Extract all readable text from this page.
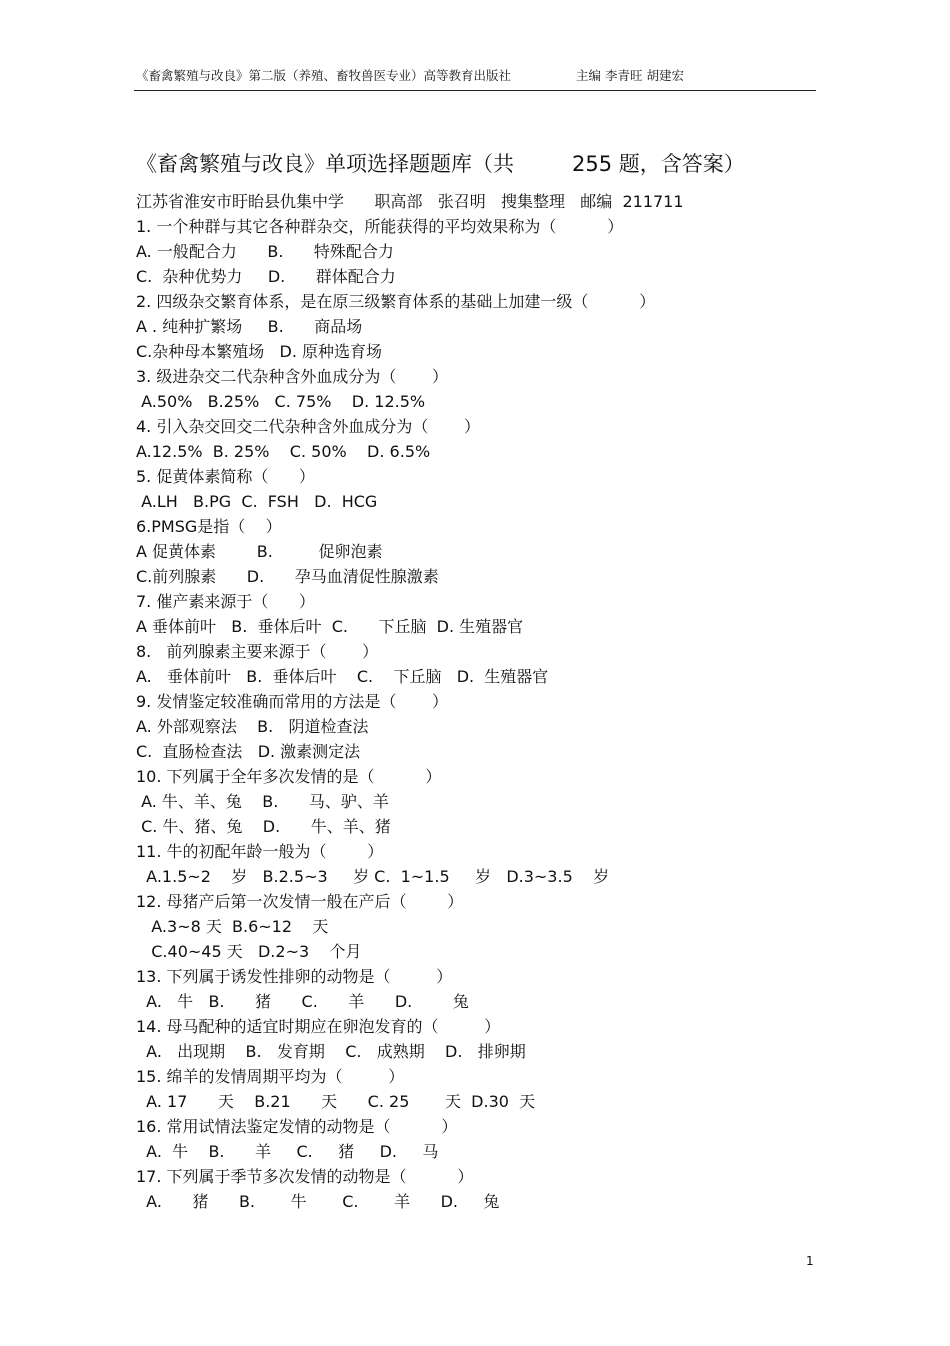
《畜禽繁殖与改良》第二版（养殖、畜牧兽医专业）高等教育出版社	主编 李青旺 胡建宏
《畜禽繁殖与改良》单项选择题题库（共	255 题，含答案）
江苏省淮安市盱眙县仇集中学      职高部   张召明   搜集整理   邮编  211711
1. 一个种群与其它各种群杂交，所能获得的平均效果称为（          ）
A. 一般配合力      B.      特殊配合力
C.  杂种优势力     D.      群体配合力
2. 四级杂交繁育体系，是在原三级繁育体系的基础上加建一级（          ）
A . 纯种扩繁场     B.      商品场
C.杂种母本繁殖场   D. 原种选育场
3. 级进杂交二代杂种含外血成分为（       ）
A.50%   B.25%   C. 75%    D. 12.5%
4. 引入杂交回交二代杂种含外血成分为（       ）
A.12.5%  B. 25%    C. 50%    D. 6.5%
5. 促黄体素简称（      ）
A.LH   B.PG  C.  FSH   D.  HCG
6.PMSG是指（    ）
A 促黄体素        B.         促卵泡素
C.前列腺素      D.      孕马血清促性腺激素
7. 催产素来源于（      ）
A 垂体前叶   B.  垂体后叶  C.      下丘脑  D. 生殖器官
8.   前列腺素主要来源于（       ）
A.   垂体前叶   B.  垂体后叶    C.    下丘脑   D.  生殖器官
9. 发情鉴定较准确而常用的方法是（       ）
A. 外部观察法    B.   阴道检查法
C.  直肠检查法   D. 激素测定法
10. 下列属于全年多次发情的是（          ）
A. 牛、羊、兔    B.      马、驴、羊
C. 牛、猪、兔    D.      牛、羊、猪
11. 牛的初配年龄一般为（        ）
A.1.5~2    岁   B.2.5~3     岁 C.  1~1.5     岁   D.3~3.5    岁
12. 母猪产后第一次发情一般在产后（        ）
A.3~8 天  B.6~12    天
C.40~45 天   D.2~3    个月
13. 下列属于诱发性排卵的动物是（         ）
A.   牛   B.      猪      C.      羊      D.        兔
14. 母马配种的适宜时期应在卵泡发育的（         ）
A.   出现期    B.   发育期    C.   成熟期    D.   排卵期
15. 绵羊的发情周期平均为（         ）
A. 17      天    B.21      天      C. 25       天  D.30  天
16. 常用试情法鉴定发情的动物是（          ）
A.  牛    B.      羊     C.     猪     D.     马
17. 下列属于季节多次发情的动物是（          ）
A.      猪      B.       牛       C.       羊      D.     兔
1
